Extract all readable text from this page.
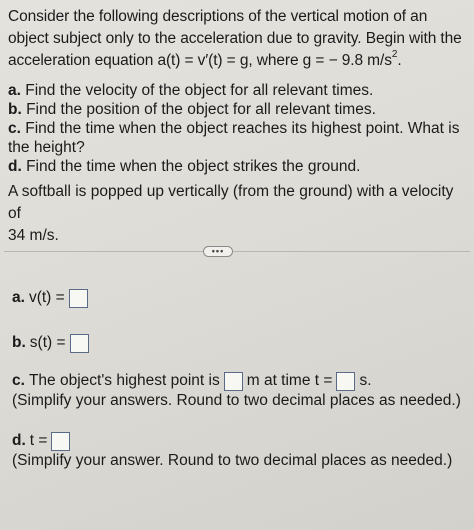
Consider the following descriptions of the vertical motion of an
object subject only to the acceleration due to gravity. Begin with the
acceleration equation a(t) = v′(t) = g, where g = − 9.8 $m/s^2$.
a. Find the velocity of the object for all relevant times.
b. Find the position of the object for all relevant times.
c. Find the time when the object reaches its highest point. What is
the height?
d. Find the time when the object strikes the ground.
A softball is popped up vertically (from the ground) with a velocity of
34 m/s.
•••
a. v(t) =
b. s(t) =
c. The object's highest point is m at time t = s.
(Simplify your answers. Round to two decimal places as needed.)
d. t =
(Simplify your answer. Round to two decimal places as needed.)
